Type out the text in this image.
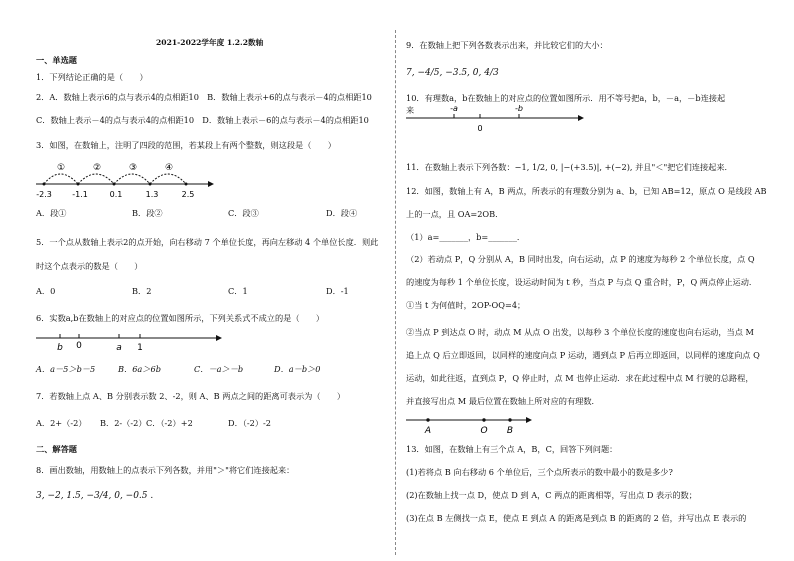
2021-2022学年度 1.2.2数轴
一、单选题
1．下列结论正确的是（　　）
2．A．数轴上表示6的点与表示4的点相距10　B．数轴上表示+6的点与表示－4的点相距10
C．数轴上表示－4的点与表示4的点相距10　D．数轴上表示－6的点与表示－4的点相距10
3．如图，在数轴上，注明了四段的范围，若某段上有两个整数，则这段是（　　）
①	②	③	④
-2.3	-1.1	0.1	1.3	2.5
A．段①	B．段②	C．段③	D．段④
5．一个点从数轴上表示2的点开始，向右移动 7 个单位长度，再向左移动 4 个单位长度．则此
时这个点表示的数是（　　）
A．0	B．2	C．1	D．-1
6．实数a,b在数轴上的对应点的位置如图所示，下列关系式不成立的是（　　）
b 0	a 1
A．a－5＞b－5	B．6a＞6b	C．－a＞－b	D．a－b＞0
7．若数轴上点 A、B 分别表示数 2、-2，则 A、B 两点之间的距离可表示为（　　）
A．2+（-2） B．2-（-2） C．（-2）+2	D．（-2）-2
二、解答题
8．画出数轴，用数轴上的点表示下列各数，并用"＞"将它们连接起来：
3, −2, 1.5, −3/4, 0, −0.5 .
9．在数轴上把下列各数表示出来，并比较它们的大小：
7, −4/5, −3.5, 0, 4/3
10．有理数a，b在数轴上的对应点的位置如图所示．用不等号把a，b，－a，－b连接起
来	-a	-b
0
11．在数轴上表示下列各数：−1, 1/2, 0, |−(+3.5)|, +(−2), 并且"＜"把它们连接起来．
12．如图，数轴上有 A，B 两点，所表示的有理数分别为 a、b，已知 AB=12，原点 O 是线段 AB
上的一点，且 OA=2OB．
（1）a=_______，b=_______．
（2）若动点 P，Q 分别从 A，B 同时出发，向右运动，点 P 的速度为每秒 2 个单位长度，点 Q
的速度为每秒 1 个单位长度，设运动时间为 t 秒，当点 P 与点 Q 重合时，P，Q 两点停止运动．
①当 t 为何值时，2OP-OQ=4；
②当点 P 到达点 O 时，动点 M 从点 O 出发，以每秒 3 个单位长度的速度也向右运动，当点 M
追上点 Q 后立即返回，以同样的速度向点 P 运动，遇到点 P 后再立即返回，以同样的速度向点 Q
运动，如此往返，直到点 P，Q 停止时，点 M 也停止运动．求在此过程中点 M 行驶的总路程，
并直接写出点 M 最后位置在数轴上所对应的有理数．
A	O B
13．如图，在数轴上有三个点 A，B，C，回答下列问题：
(1)若将点 B 向右移动 6 个单位后，三个点所表示的数中最小的数是多少?
(2)在数轴上找一点 D，使点 D 到 A，C 两点的距离相等，写出点 D 表示的数；
(3)在点 B 左侧找一点 E，使点 E 到点 A 的距离是到点 B 的距离的 2 倍，并写出点 E 表示的
